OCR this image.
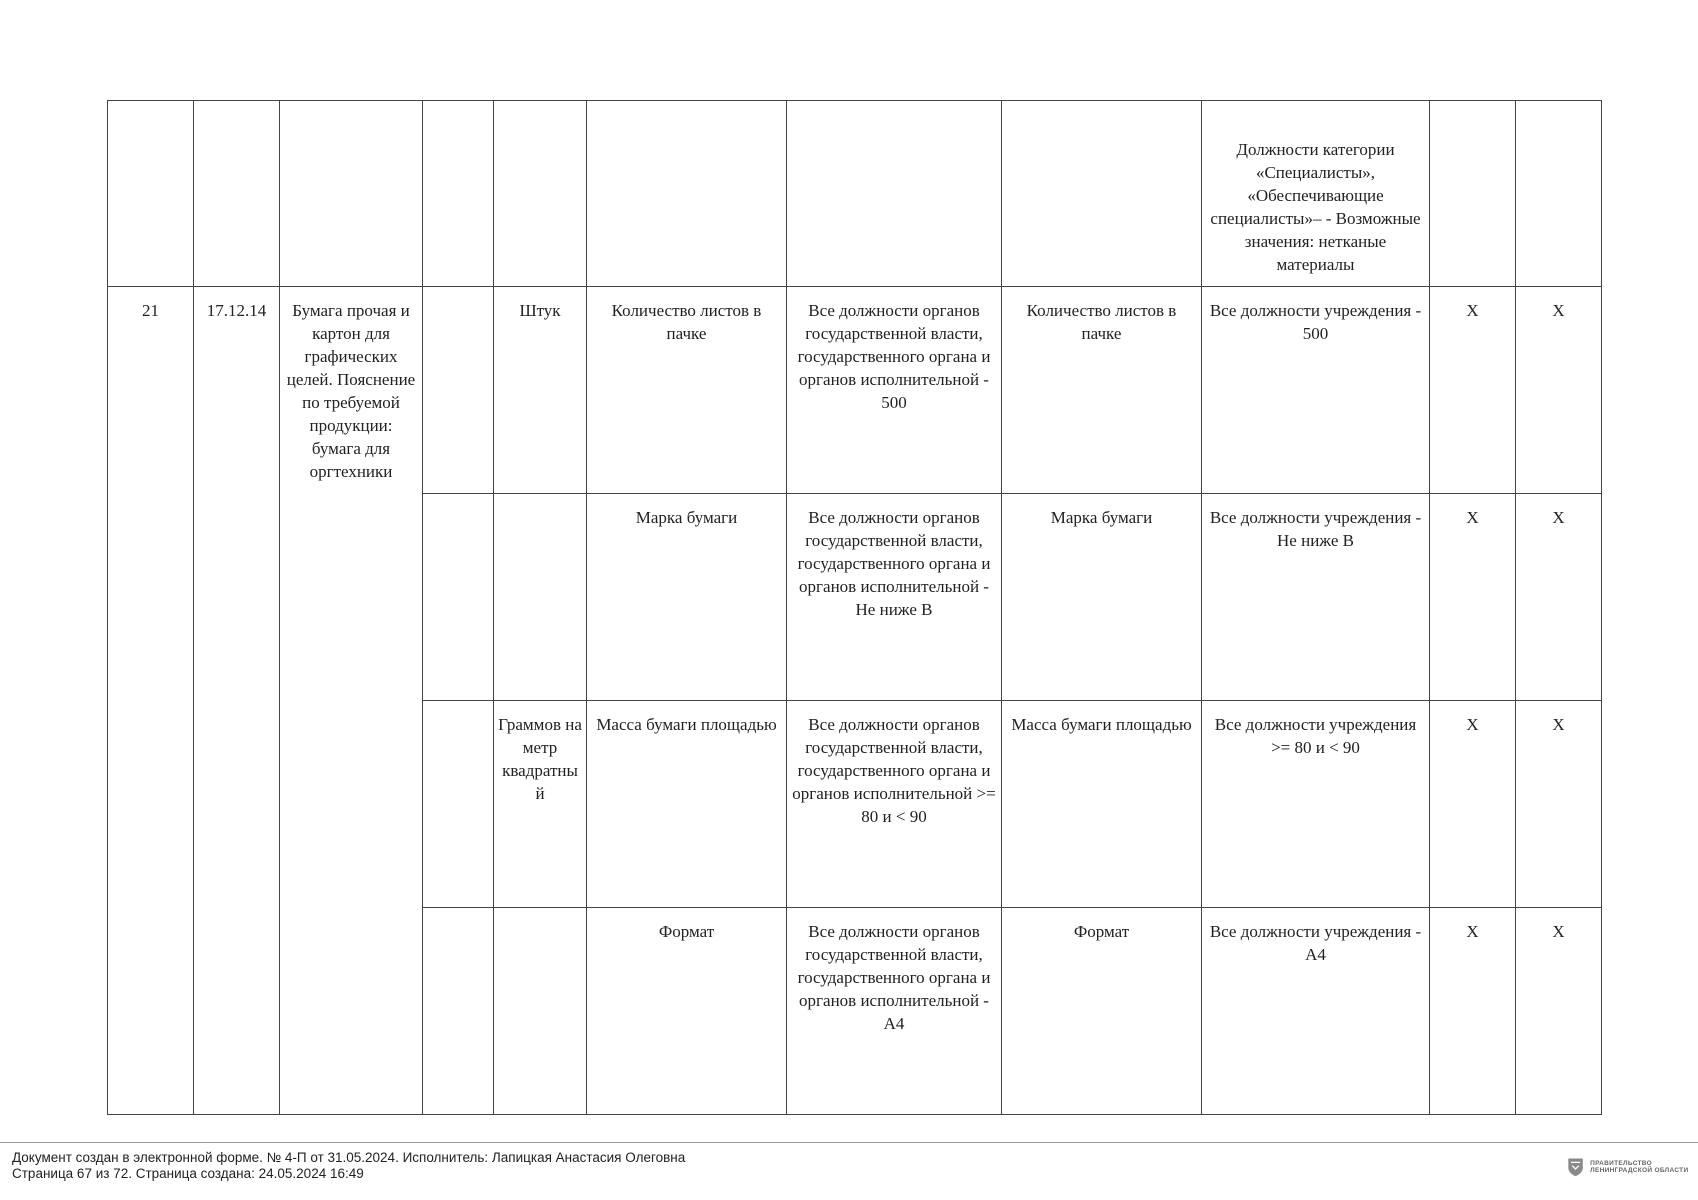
								Должности категории «Специалисты», «Обеспечивающие специалисты»– - Возможные значения: нетканые материалы		
21	17.12.14	Бумага прочая и картон для графических целей. Пояснение по требуемой продукции: бумага для оргтехники		Штук	Количество листов в пачке	Все должности органов государственной власти, государственного органа и органов исполнительной - 500	Количество листов в пачке	Все должности учреждения - 500	X	X
					Марка бумаги	Все должности органов государственной власти, государственного органа и органов исполнительной - Не ниже В	Марка бумаги	Все должности учреждения - Не ниже В	X	X
				Граммов на метр квадратный	Масса бумаги площадью	Все должности органов государственной власти, государственного органа и органов исполнительной >= 80 и < 90	Масса бумаги площадью	Все должности учреждения >= 80 и < 90	X	X
					Формат	Все должности органов государственной власти, государственного органа и органов исполнительной - А4	Формат	Все должности учреждения - А4	X	X
Документ создан в электронной форме. № 4-П от 31.05.2024. Исполнитель: Лапицкая Анастасия Олеговна
Страница 67 из 72. Страница создана: 24.05.2024 16:49
ПРАВИТЕЛЬСТВО ЛЕНИНГРАДСКОЙ ОБЛАСТИ
